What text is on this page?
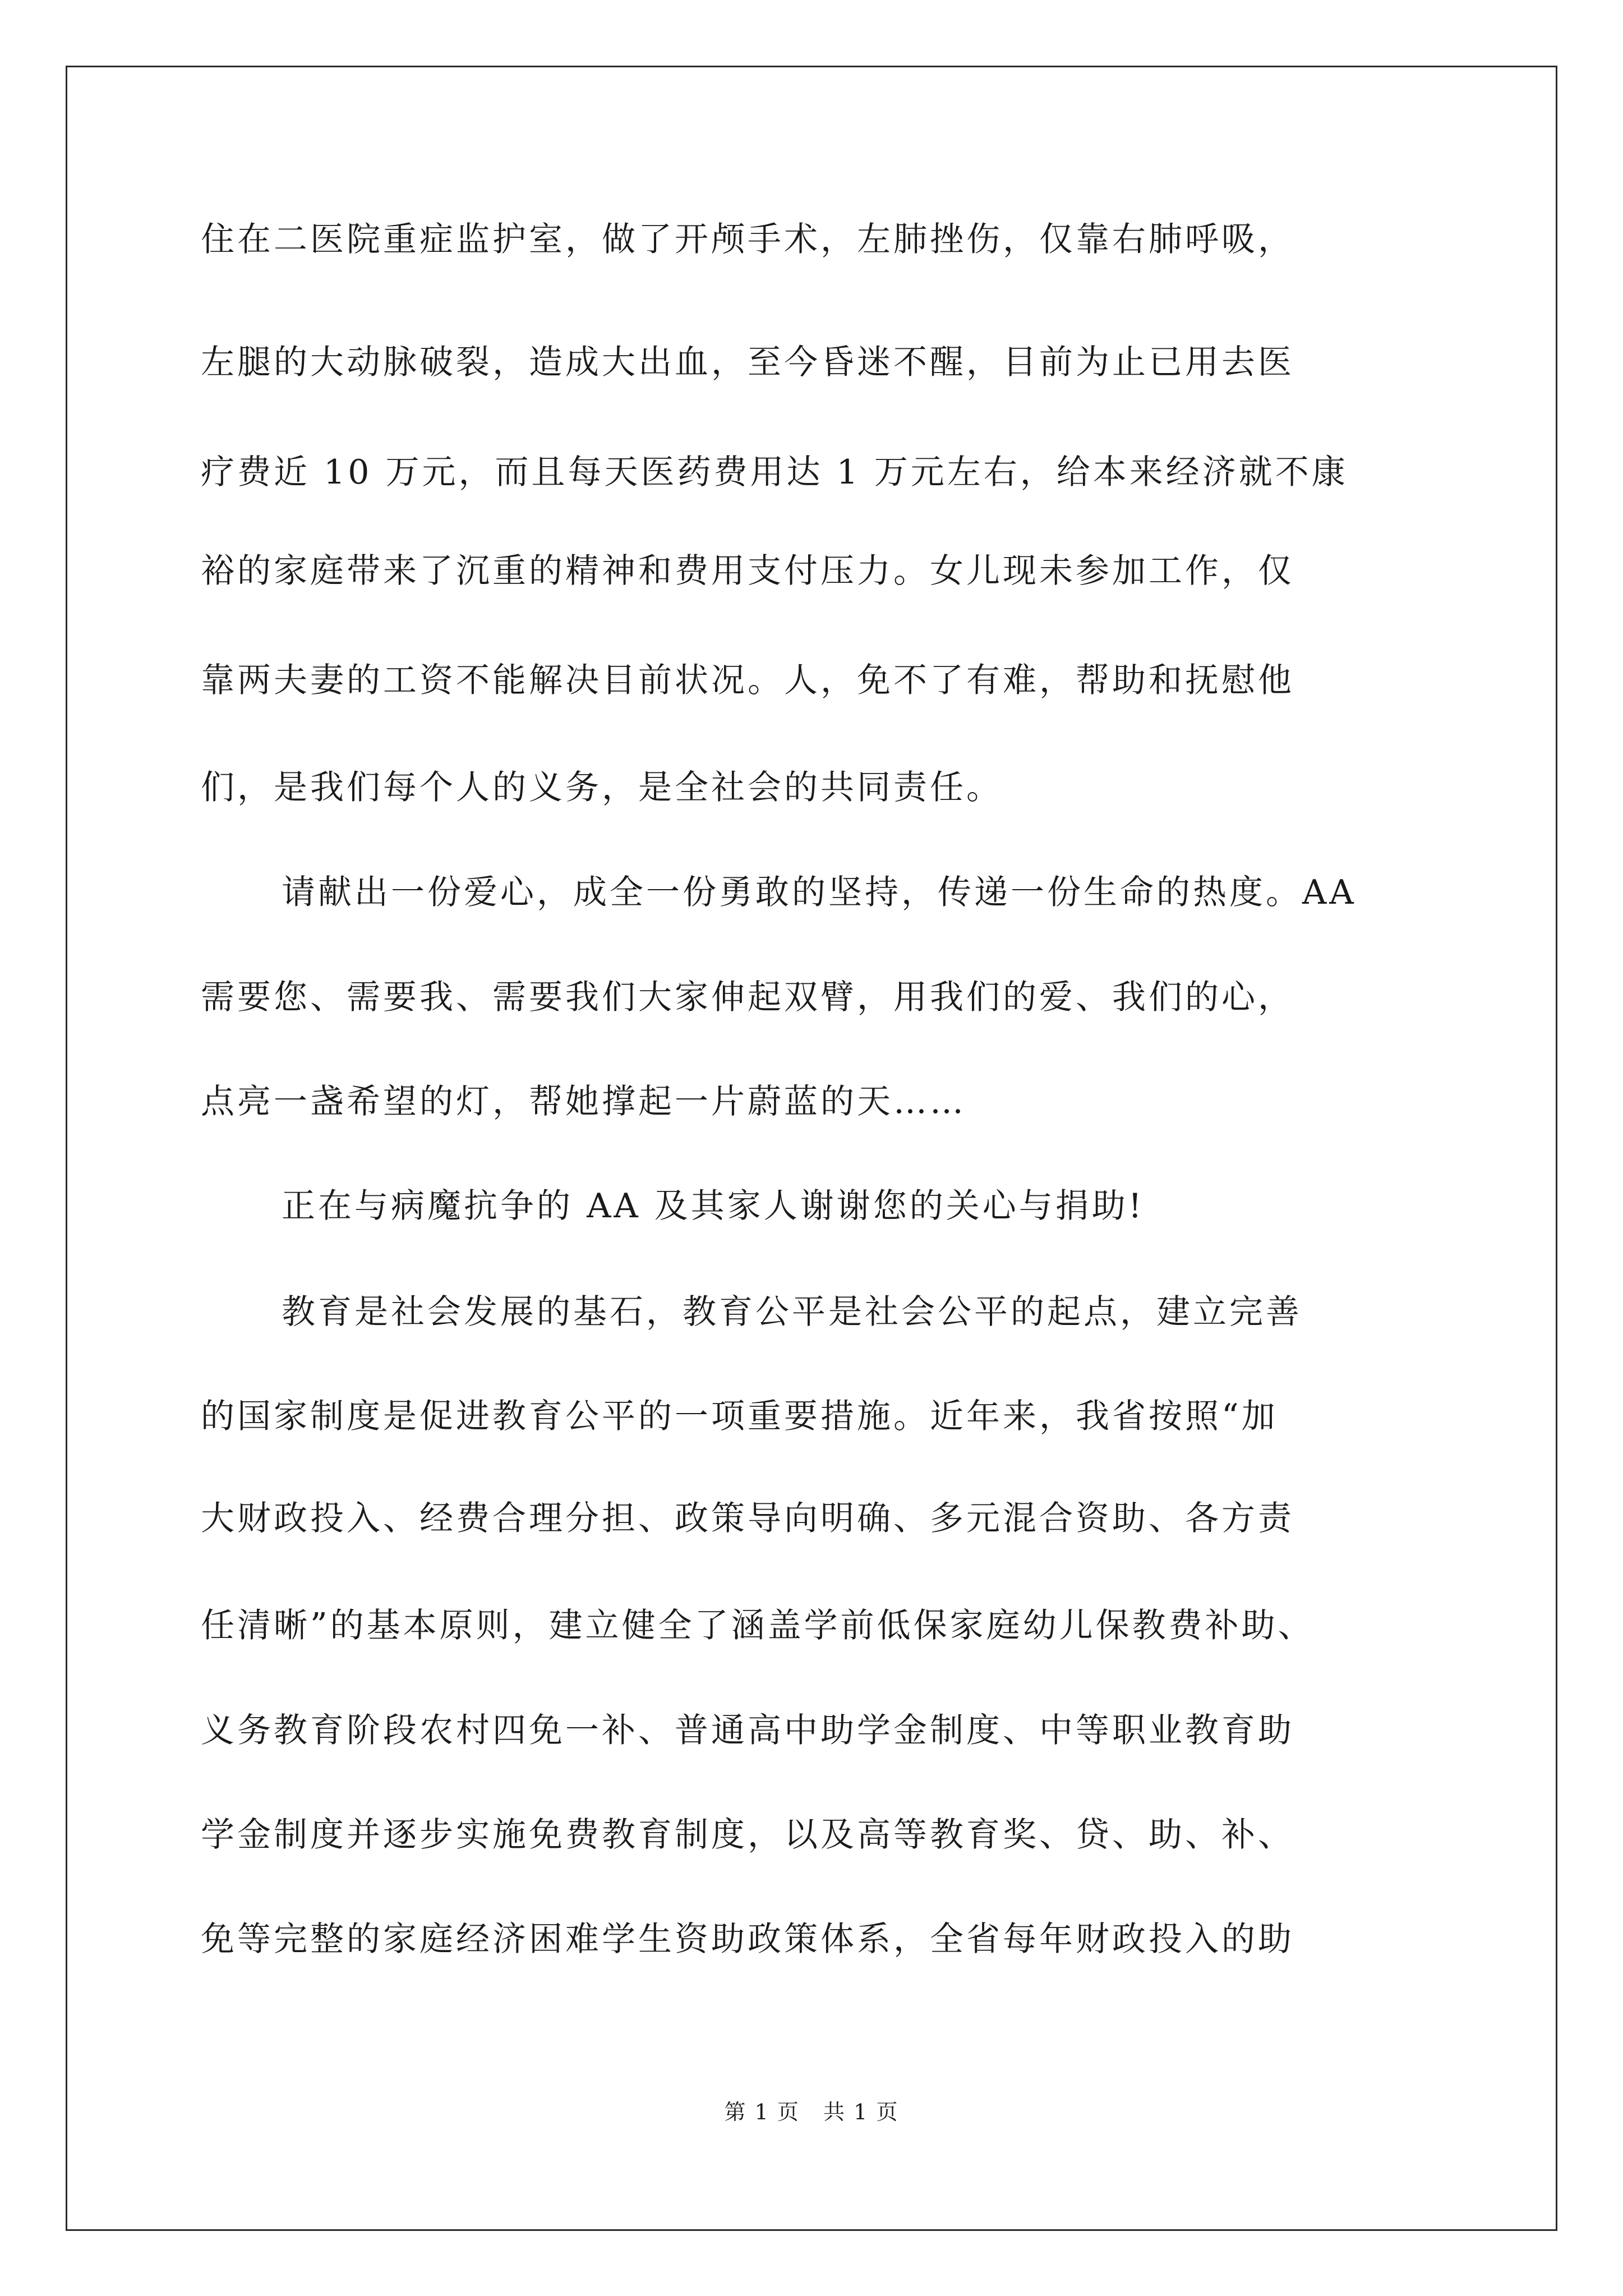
住在二医院重症监护室，做了开颅手术，左肺挫伤，仅靠右肺呼吸，
左腿的大动脉破裂，造成大出血，至今昏迷不醒，目前为止已用去医
疗费近 10 万元，而且每天医药费用达 1 万元左右，给本来经济就不康
裕的家庭带来了沉重的精神和费用支付压力。女儿现未参加工作，仅
靠两夫妻的工资不能解决目前状况。人，免不了有难，帮助和抚慰他
们，是我们每个人的义务，是全社会的共同责任。
请献出一份爱心，成全一份勇敢的坚持，传递一份生命的热度。AA
需要您、需要我、需要我们大家伸起双臂，用我们的爱、我们的心，
点亮一盏希望的灯，帮她撑起一片蔚蓝的天……
正在与病魔抗争的 AA 及其家人谢谢您的关心与捐助!
教育是社会发展的基石，教育公平是社会公平的起点，建立完善
的国家制度是促进教育公平的一项重要措施。近年来，我省按照“加
大财政投入、经费合理分担、政策导向明确、多元混合资助、各方责
任清晰”的基本原则，建立健全了涵盖学前低保家庭幼儿保教费补助、
义务教育阶段农村四免一补、普通高中助学金制度、中等职业教育助
学金制度并逐步实施免费教育制度，以及高等教育奖、贷、助、补、
免等完整的家庭经济困难学生资助政策体系，全省每年财政投入的助
第 1 页   共 1 页
